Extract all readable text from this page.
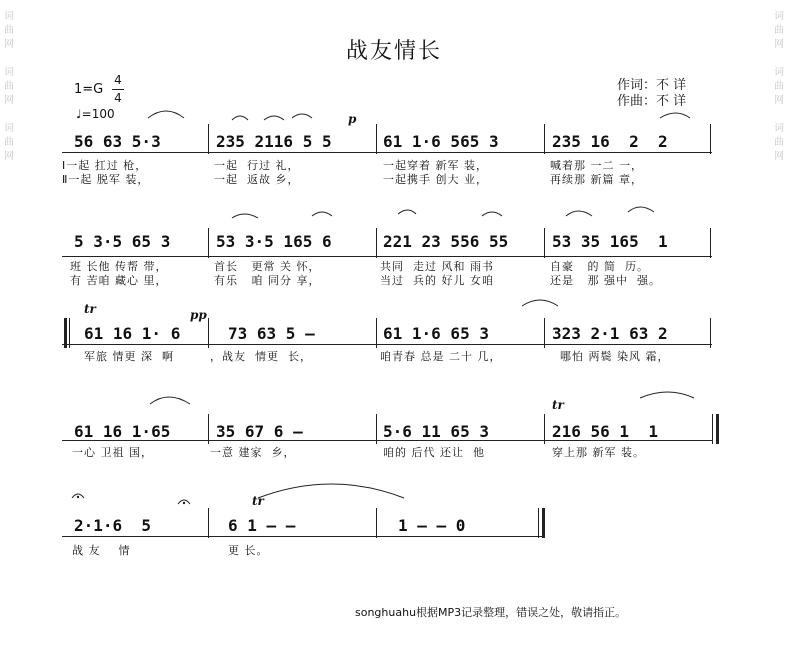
词
曲
网

词
曲
网

词
曲
网
词
曲
网

词
曲
网

词
曲
网
战友情长
$1=G \frac{4}{4}$
♩=100
作词：不 详
作曲：不 详
56 63 5·3	235 2116 5 5	61 1·6 565 3	235 16  2  2
Ⅰ一起 扛过 枪，	一起  行过 礼，	一起穿着 新军 装，	喊着那 一二 一，
Ⅱ一起 脱军 装，	一起  返故 乡，	一起携手 创大 业，	再续那 新篇 章，
p
5 3·5 65 3	53 3·5 165 6	221 23 556 55	53 35 165  1
班 长他 传帮 带，	首长   更常 关 怀，	共同  走过 风和 雨书	自豪   的 简  历。
有 苦咱 藏心 里，	有乐   咱 同分 享，	当过  兵的 好儿 女咱	还是   那 强中  强。
61 16 1· 6	73 63 5 —	61 1·6 65 3	323 2·1 63 2
军旅 情更 深  啊	，战友  情更  长，	咱青春 总是 二十 几，	哪怕 两鬓 染风 霜，
tr	pp
61 16 1·65	35 67 6 —	5·6 11 65 3	216 56 1  1
一心 卫祖 国，	一意 建家  乡，	咱的 后代 还让  他	穿上那 新军 装。
tr
2·1·6  5	6 1 — —	1 — — 0
战 友    情	更 长。
tr
songhuahu根据MP3记录整理，错误之处，敬请指正。
